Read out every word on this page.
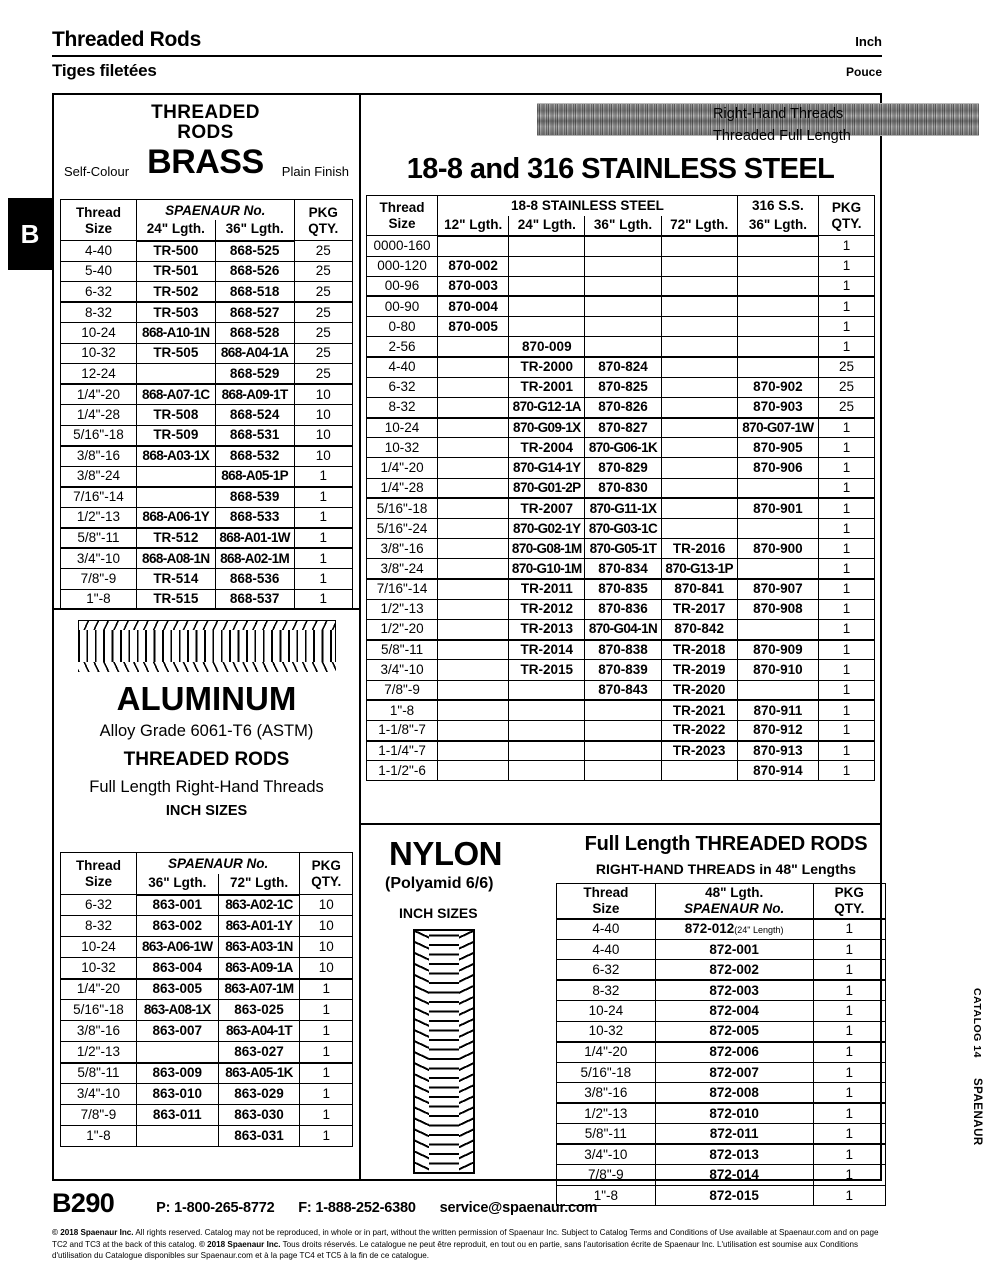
Threaded Rods	Inch
Tiges filetées	Pouce
B
CATALOG 14
SPAENAUR
THREADED
RODS
Self-Colour BRASS Plain Finish
Thread
Size
	SPAENAUR No.	PKG
QTY.

	24" Lgth.	36" Lgth.	
4-40	TR-500	868-525	25
5-40	TR-501	868-526	25
6-32	TR-502	868-518	25
8-32	TR-503	868-527	25
10-24	868-A10-1N	868-528	25
10-32	TR-505	868-A04-1A	25
12-24		868-529	25
1/4"-20	868-A07-1C	868-A09-1T	10
1/4"-28	TR-508	868-524	10
5/16"-18	TR-509	868-531	10
3/8"-16	868-A03-1X	868-532	10
3/8"-24		868-A05-1P	1
7/16"-14		868-539	1
1/2"-13	868-A06-1Y	868-533	1
5/8"-11	TR-512	868-A01-1W	1
3/4"-10	868-A08-1N	868-A02-1M	1
7/8"-9	TR-514	868-536	1
1"-8	TR-515	868-537	1
ALUMINUM
Alloy Grade 6061-T6 (ASTM)
THREADED RODS
Full Length Right-Hand Threads
INCH SIZES
Thread
Size
	SPAENAUR No.	PKG
QTY.

	36" Lgth.	72" Lgth.	
6-32	863-001	863-A02-1C	10
8-32	863-002	863-A01-1Y	10
10-24	863-A06-1W	863-A03-1N	10
10-32	863-004	863-A09-1A	10
1/4"-20	863-005	863-A07-1M	1
5/16"-18	863-A08-1X	863-025	1
3/8"-16	863-007	863-A04-1T	1
1/2"-13		863-027	1
5/8"-11	863-009	863-A05-1K	1
3/4"-10	863-010	863-029	1
7/8"-9	863-011	863-030	1
1"-8		863-031	1
Right-Hand Threads
Threaded Full Length
18-8 and 316 STAINLESS STEEL
Thread
Size
	18-8 STAINLESS STEEL	316 S.S.	PKG
QTY.

	12" Lgth.	24" Lgth.	36" Lgth.	72" Lgth.	36" Lgth.	
0000-160						1
000-120	870-002					1
00-96	870-003					1
00-90	870-004					1
0-80	870-005					1
2-56		870-009				1
4-40		TR-2000	870-824			25
6-32		TR-2001	870-825		870-902	25
8-32		870-G12-1A	870-826		870-903	25
10-24		870-G09-1X	870-827		870-G07-1W	1
10-32		TR-2004	870-G06-1K		870-905	1
1/4"-20		870-G14-1Y	870-829		870-906	1
1/4"-28		870-G01-2P	870-830			1
5/16"-18		TR-2007	870-G11-1X		870-901	1
5/16"-24		870-G02-1Y	870-G03-1C			1
3/8"-16		870-G08-1M	870-G05-1T	TR-2016	870-900	1
3/8"-24		870-G10-1M	870-834	870-G13-1P		1
7/16"-14		TR-2011	870-835	870-841	870-907	1
1/2"-13		TR-2012	870-836	TR-2017	870-908	1
1/2"-20		TR-2013	870-G04-1N	870-842		1
5/8"-11		TR-2014	870-838	TR-2018	870-909	1
3/4"-10		TR-2015	870-839	TR-2019	870-910	1
7/8"-9			870-843	TR-2020		1
1"-8				TR-2021	870-911	1
1-1/8"-7				TR-2022	870-912	1
1-1/4"-7				TR-2023	870-913	1
1-1/2"-6					870-914	1
NYLON
(Polyamid 6/6)
INCH SIZES
Full Length THREADED RODS
RIGHT-HAND THREADS in 48" Lengths
Thread
Size

48" Lgth.
SPAENAUR No.

PKG
QTY.

4-40	872-012(24" Length)	1
4-40	872-001	1
6-32	872-002	1
8-32	872-003	1
10-24	872-004	1
10-32	872-005	1
1/4"-20	872-006	1
5/16"-18	872-007	1
3/8"-16	872-008	1
1/2"-13	872-010	1
5/8"-11	872-011	1
3/4"-10	872-013	1
7/8"-9	872-014	1
1"-8	872-015	1
B290	P: 1-800-265-8772 F: 1-888-252-6380 service@spaenaur.com
© 2018 Spaenaur Inc. All rights reserved. Catalog may not be reproduced, in whole or in part, without the written permission of Spaenaur Inc. Subject to Catalog Terms and Conditions of Use available at Spaenaur.com and on page TC2 and TC3 at the back of this catalog. © 2018 Spaenaur Inc. Tous droits réservés. Le catalogue ne peut être reproduit, en tout ou en partie, sans l'autorisation écrite de Spaenaur Inc. L'utilisation est soumise aux Conditions d'utilisation du Catalogue disponibles sur Spaenaur.com et à la page TC4 et TC5 à la fin de ce catalogue.
